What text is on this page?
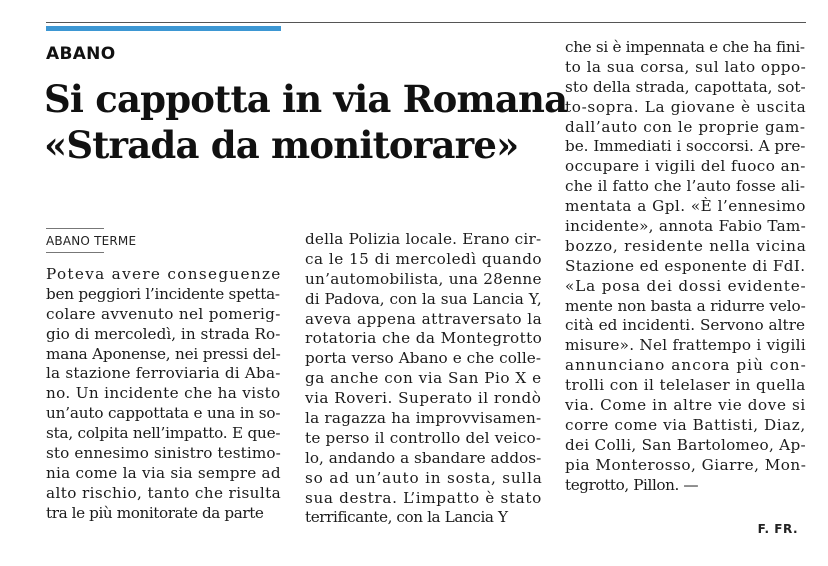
ABANO
Si cappotta in via Romana
«Strada da monitorare»
ABANO TERME
Poteva avere conseguenze
ben peggiori l’incidente spetta-
colare avvenuto nel pomerig-
gio di mercoledì, in strada Ro-
mana Aponense, nei pressi del-
la stazione ferroviaria di Aba-
no. Un incidente che ha visto
un’auto cappottata e una in so-
sta, colpita nell’impatto. E que-
sto ennesimo sinistro testimo-
nia come la via sia sempre ad
alto rischio, tanto che risulta
tra le più monitorate da parte
della Polizia locale. Erano cir-
ca le 15 di mercoledì quando
un’automobilista, una 28enne
di Padova, con la sua Lancia Y,
aveva appena attraversato la
rotatoria che da Montegrotto
porta verso Abano e che colle-
ga anche con via San Pio X e
via Roveri. Superato il rondò
la ragazza ha improvvisamen-
te perso il controllo del veico-
lo, andando a sbandare addos-
so ad un’auto in sosta, sulla
sua destra. L’impatto è stato
terrificante, con la Lancia Y
che si è impennata e che ha fini-
to la sua corsa, sul lato oppo-
sto della strada, capottata, sot-
to-sopra. La giovane è uscita
dall’auto con le proprie gam-
be. Immediati i soccorsi. A pre-
occupare i vigili del fuoco an-
che il fatto che l’auto fosse ali-
mentata a Gpl. «È l’ennesimo
incidente», annota Fabio Tam-
bozzo, residente nella vicina
Stazione ed esponente di FdI.
«La posa dei dossi evidente-
mente non basta a ridurre velo-
cità ed incidenti. Servono altre
misure». Nel frattempo i vigili
annunciano ancora più con-
trolli con il telelaser in quella
via. Come in altre vie dove si
corre come via Battisti, Diaz,
dei Colli, San Bartolomeo, Ap-
pia Monterosso, Giarre, Mon-
tegrotto, Pillon. —
F. FR.
